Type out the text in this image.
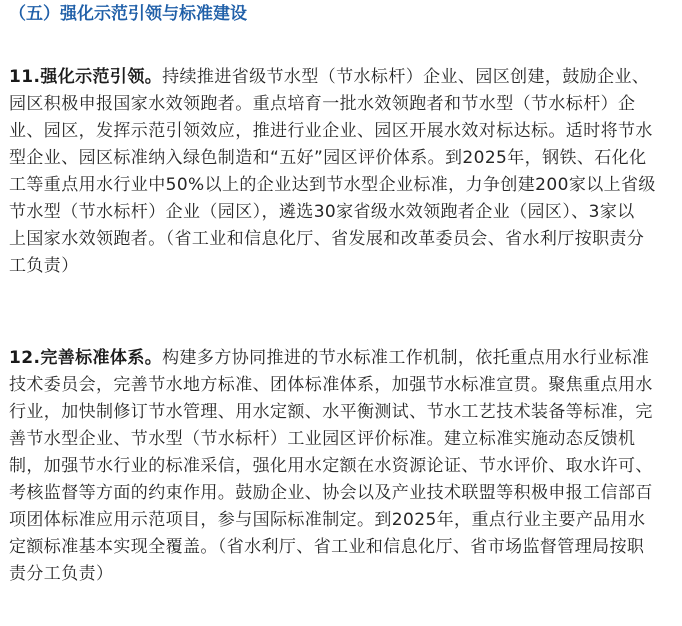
（五）强化示范引领与标准建设
11.强化示范引领。持续推进省级节水型（节水标杆）企业、园区创建，鼓励企业、
园区积极申报国家水效领跑者。重点培育一批水效领跑者和节水型（节水标杆）企
业、园区，发挥示范引领效应，推进行业企业、园区开展水效对标达标。适时将节水
型企业、园区标准纳入绿色制造和“五好”园区评价体系。到2025年，钢铁、石化化
工等重点用水行业中50%以上的企业达到节水型企业标准，力争创建200家以上省级
节水型（节水标杆）企业（园区），遴选30家省级水效领跑者企业（园区）、3家以
上国家水效领跑者。（省工业和信息化厅、省发展和改革委员会、省水利厅按职责分
工负责）
12.完善标准体系。构建多方协同推进的节水标准工作机制，依托重点用水行业标准
技术委员会，完善节水地方标准、团体标准体系，加强节水标准宣贯。聚焦重点用水
行业，加快制修订节水管理、用水定额、水平衡测试、节水工艺技术装备等标准，完
善节水型企业、节水型（节水标杆）工业园区评价标准。建立标准实施动态反馈机
制，加强节水行业的标准采信，强化用水定额在水资源论证、节水评价、取水许可、
考核监督等方面的约束作用。鼓励企业、协会以及产业技术联盟等积极申报工信部百
项团体标准应用示范项目，参与国际标准制定。到2025年，重点行业主要产品用水
定额标准基本实现全覆盖。（省水利厅、省工业和信息化厅、省市场监督管理局按职
责分工负责）
